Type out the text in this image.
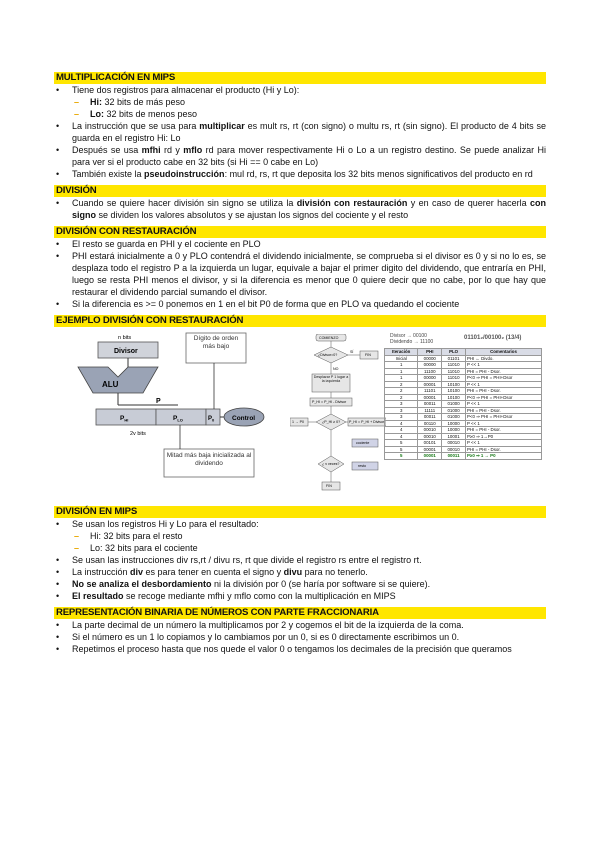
MULTIPLICACIÓN EN MIPS
• Tiene dos registros para almacenar el producto (Hi y Lo):
– Hi: 32 bits de más peso
– Lo: 32 bits de menos peso
• La instrucción que se usa para multiplicar es mult rs, rt (con signo) o multu rs, rt (sin signo). El producto de 4 bits se guarda en el registro Hi: Lo
• Después se usa mfhi rd y mflo rd para mover respectivamente Hi o Lo a un registro destino. Se puede analizar Hi para ver si el producto cabe en 32 bits (si Hi == 0 cabe en Lo)
• También existe la pseudoinstrucción: mul rd, rs, rt que deposita los 32 bits menos significativos del producto en rd
DIVISIÓN
• Cuando se quiere hacer división sin signo se utiliza la división con restauración y en caso de querer hacerla con signo se dividen los valores absolutos y se ajustan los signos del cociente y el resto
DIVISIÓN CON RESTAURACIÓN
• El resto se guarda en PHI y el cociente en PLO
• PHI estará inicialmente a 0 y PLO contendrá el dividendo inicialmente, se comprueba si el divisor es 0 y si no lo es, se desplaza todo el registro P a la izquierda un lugar, equivale a bajar el primer digito del dividendo, que entraría en PHI, luego se resta PHI menos el divisor, y si la diferencia es menor que 0 quiere decir que no cabe, por lo que hay que restaurar el dividendo parcial sumando el divisor.
• Si la diferencia es >= 0 ponemos en 1 en el bit P0 de forma que en PLO va quedando el cociente
EJEMPLO DIVISIÓN CON RESTAURACIÓN
n bits
Divisor
ALU
P
$P_{HI}$	$P_{LO}$	$P_0$
2v bits
Control
Dígito de orden más bajo
Mitad más baja inicializada al dividendo
COMIENZO
¿Divisor=0?
SÍ
FIN
NO
Desplazar P 1 lugar a la izquierda
P_HI = P_HI - Divisor
¿P_HI ≥ 0?
1 → P0	P_HI = P_HI + Divisor
cociente
¿ v veces?
FIN
resto
Divisor → 00100
Dividendo → 11100
01101₂/00100₂ (13/4)
Iteración	PHI	PLO	Comentarios
Inicial	00000	01101	PHI ← Divdo.
1	00000	11010	P << 1
1	11100	11010	PHI = PHI - Dsor.
1	00000	11010	P<0 ⇒ PHI = PHI+Dsor
2	00001	10100	P << 1
2	11101	10100	PHI = PHI - Dsor.
2	00001	10100	P<0 ⇒ PHI = PHI+Dsor
3	00011	01000	P << 1
3	11111	01000	PHI = PHI - Dsor.
3	00011	01000	P<0 ⇒ PHI = PHI+Dsor
4	00110	10000	P << 1
4	00010	10000	PHI = PHI - Dsor.
4	00010	10001	P≥0 ⇒ 1→P0
5	00101	00010	P << 1
5	00001	00010	PHI = PHI - Dsor.
5	00001	00011	P≥0 ⇒ 1 → P0
DIVISIÓN EN MIPS
• Se usan los registros Hi y Lo para el resultado:
– Hi: 32 bits para el resto
– Lo: 32 bits para el cociente
• Se usan las instrucciones div rs,rt / divu rs, rt que divide el registro rs entre el registro rt.
• La instrucción div es para tener en cuenta el signo y divu para no tenerlo.
• No se analiza el desbordamiento ni la división por 0 (se haría por software si se quiere).
• El resultado se recoge mediante mfhi y mflo como con la multiplicación en MIPS
REPRESENTACIÓN BINARIA DE NÚMEROS CON PARTE FRACCIONARIA
• La parte decimal de un número la multiplicamos por 2 y cogemos el bit de la izquierda de la coma.
• Si el número es un 1 lo copiamos y lo cambiamos por un 0, si es 0 directamente escribimos un 0.
• Repetimos el proceso hasta que nos quede el valor 0 o tengamos los decimales de la precisión que queramos
